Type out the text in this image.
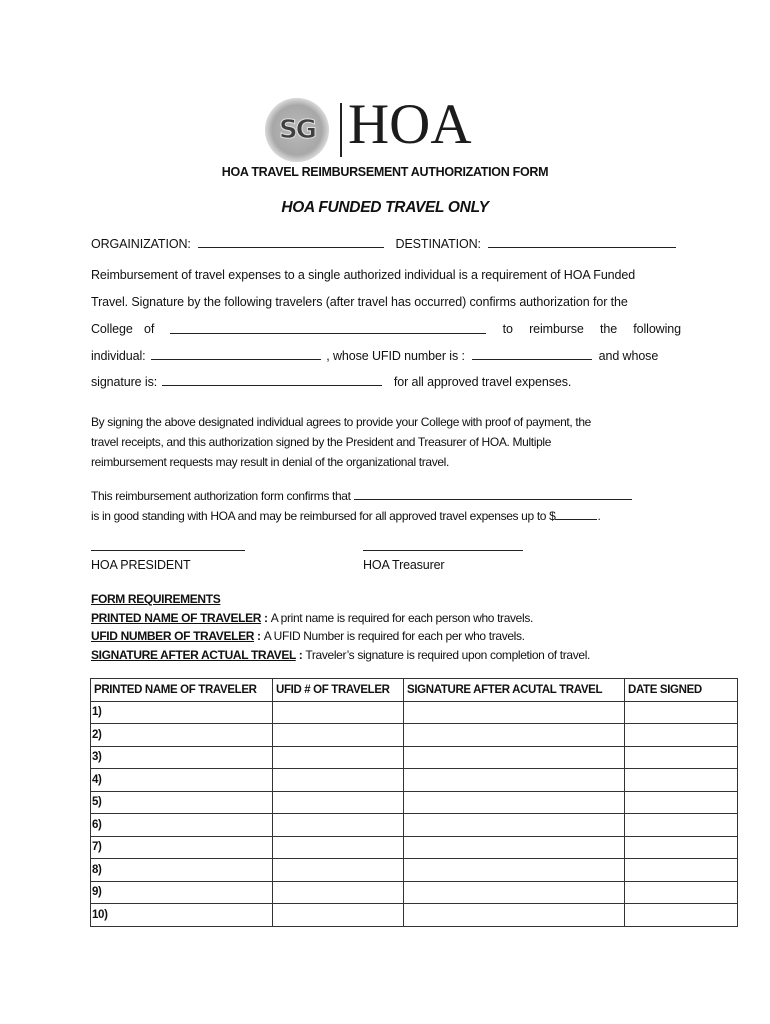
SG HOA
HOA TRAVEL REIMBURSEMENT AUTHORIZATION FORM
HOA FUNDED TRAVEL ONLY
ORGAINIZATION:	DESTINATION:
Reimbursement of travel expenses to a single authorized individual is a requirement of HOA Funded
Travel. Signature by the following travelers (after travel has occurred) confirms authorization for the
College of	to reimburse the following
individual:	, whose UFID number is :	and whose
signature is:	for all approved travel expenses.
By signing the above designated individual agrees to provide your College with proof of payment, the
travel receipts, and this authorization signed by the President and Treasurer of HOA. Multiple
reimbursement requests may result in denial of the organizational travel.
This reimbursement authorization form confirms that
is in good standing with HOA and may be reimbursed for all approved travel expenses up to $	.
HOA PRESIDENT	HOA Treasurer
FORM REQUIREMENTS
PRINTED NAME OF TRAVELER : A print name is required for each person who travels.
UFID NUMBER OF TRAVELER : A UFID Number is required for each per who travels.
SIGNATURE AFTER ACTUAL TRAVEL : Traveler’s signature is required upon completion of travel.
PRINTED NAME OF TRAVELER	UFID # OF TRAVELER	SIGNATURE AFTER ACUTAL TRAVEL	DATE SIGNED
1)			
2)			
3)			
4)			
5)			
6)			
7)			
8)			
9)			
10)			
